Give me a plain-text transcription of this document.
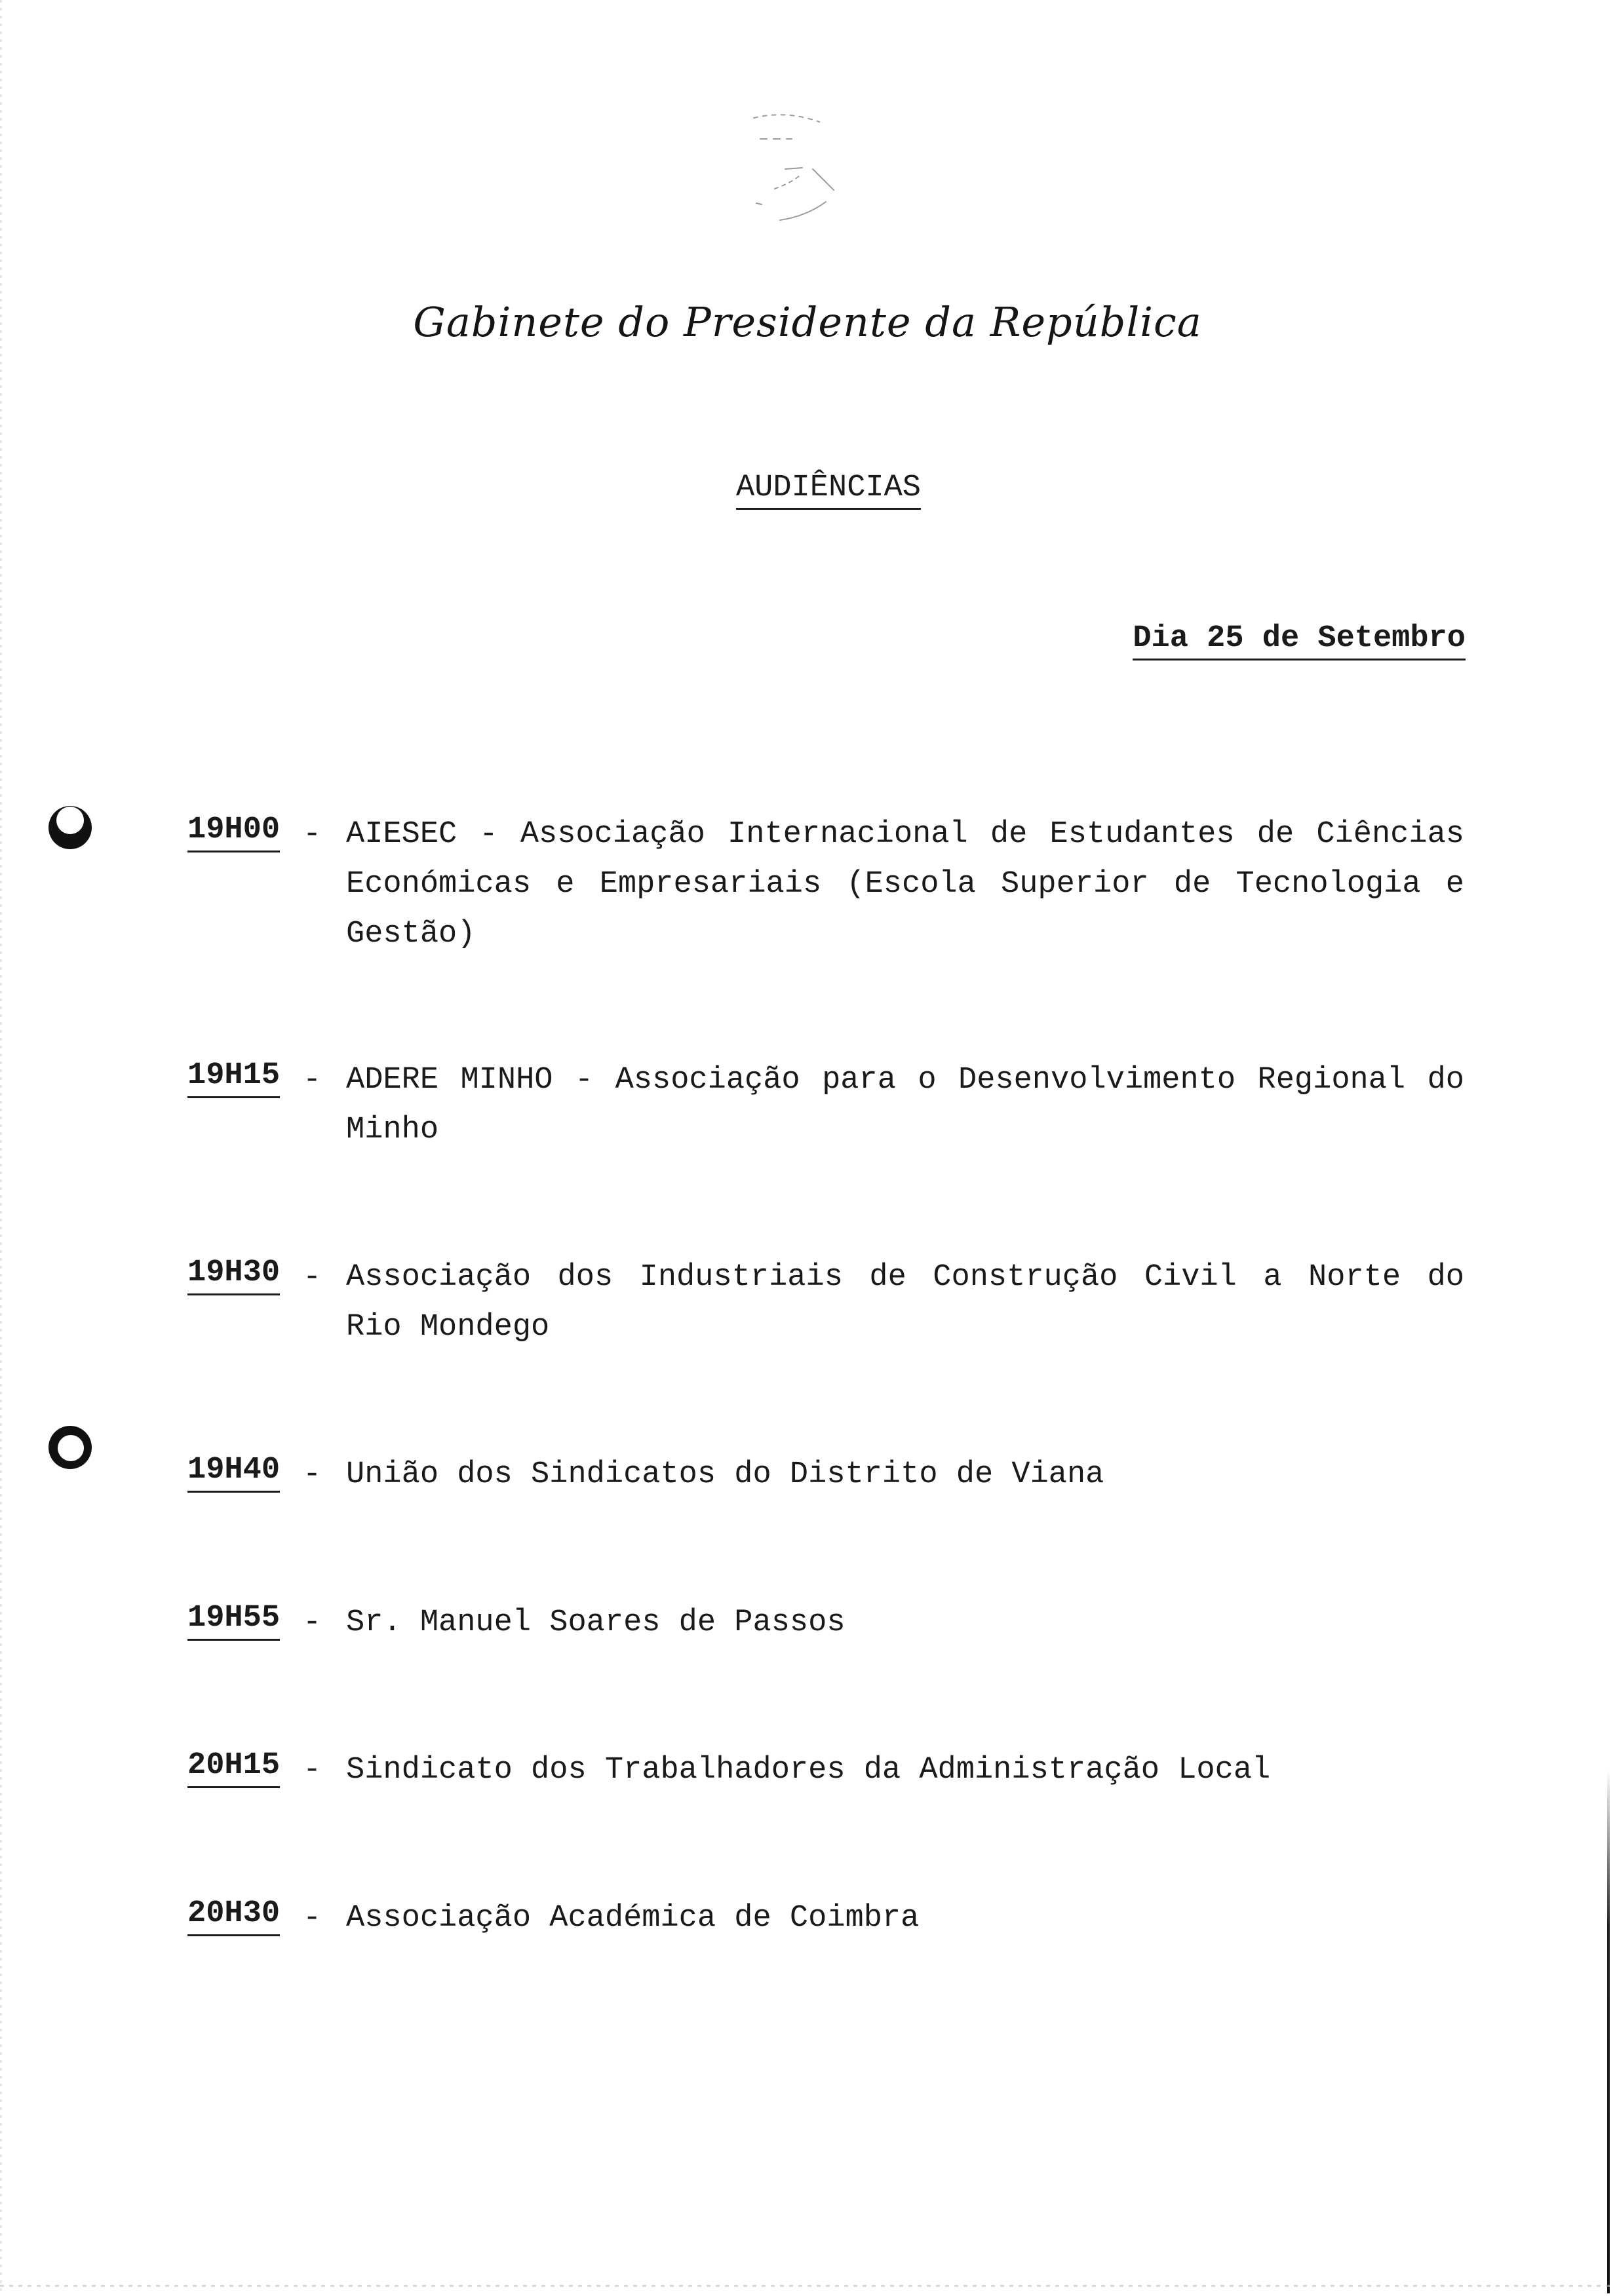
Gabinete do Presidente da República
AUDIÊNCIAS
Dia 25 de Setembro
19H00 - AIESEC - Associação Internacional de Estudantes de Ciências Económicas e Empresariais (Escola Superior de Tecnologia e Gestão)
19H15 - ADERE MINHO - Associação para o Desenvolvimento Regional do Minho
19H30 - Associação dos Industriais de Construção Civil a Norte do Rio Mondego
19H40 - União dos Sindicatos do Distrito de Viana
19H55 - Sr. Manuel Soares de Passos
20H15 - Sindicato dos Trabalhadores da Administração Local
20H30 - Associação Académica de Coimbra
